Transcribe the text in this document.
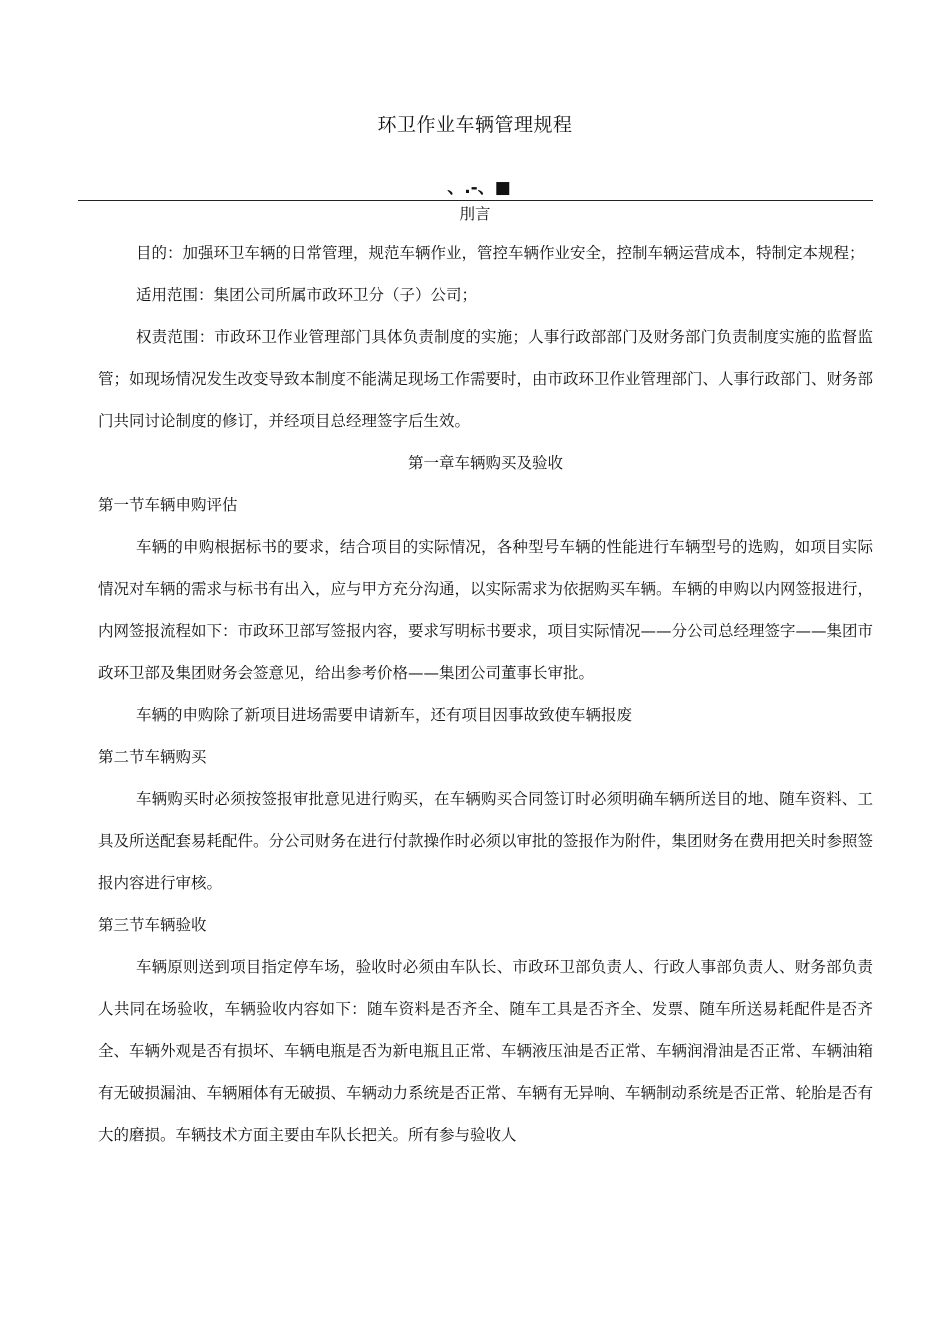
环卫作业车辆管理规程
、.-、■
刖言

目的：加强环卫车辆的日常管理，规范车辆作业，管控车辆作业安全，控制车辆运营成本，特制定本规程；

适用范围：集团公司所属市政环卫分（子）公司；

权责范围：市政环卫作业管理部门具体负责制度的实施；人事行政部部门及财务部门负责制度实施的监督监管；如现场情况发生改变导致本制度不能满足现场工作需要时，由市政环卫作业管理部门、人事行政部门、财务部门共同讨论制度的修订，并经项目总经理签字后生效。

第一章车辆购买及验收

第一节车辆申购评估

车辆的申购根据标书的要求，结合项目的实际情况，各种型号车辆的性能进行车辆型号的选购，如项目实际情况对车辆的需求与标书有出入，应与甲方充分沟通，以实际需求为依据购买车辆。车辆的申购以内网签报进行，内网签报流程如下：市政环卫部写签报内容，要求写明标书要求，项目实际情况——分公司总经理签字——集团市政环卫部及集团财务会签意见，给出参考价格——集团公司董事长审批。

车辆的申购除了新项目进场需要申请新车，还有项目因事故致使车辆报废

第二节车辆购买

车辆购买时必须按签报审批意见进行购买，在车辆购买合同签订时必须明确车辆所送目的地、随车资料、工具及所送配套易耗配件。分公司财务在进行付款操作时必须以审批的签报作为附件，集团财务在费用把关时参照签报内容进行审核。

第三节车辆验收

车辆原则送到项目指定停车场，验收时必须由车队长、市政环卫部负责人、行政人事部负责人、财务部负责人共同在场验收，车辆验收内容如下：随车资料是否齐全、随车工具是否齐全、发票、随车所送易耗配件是否齐全、车辆外观是否有损坏、车辆电瓶是否为新电瓶且正常、车辆液压油是否正常、车辆润滑油是否正常、车辆油箱有无破损漏油、车辆厢体有无破损、车辆动力系统是否正常、车辆有无异响、车辆制动系统是否正常、轮胎是否有大的磨损。车辆技术方面主要由车队长把关。所有参与验收人
